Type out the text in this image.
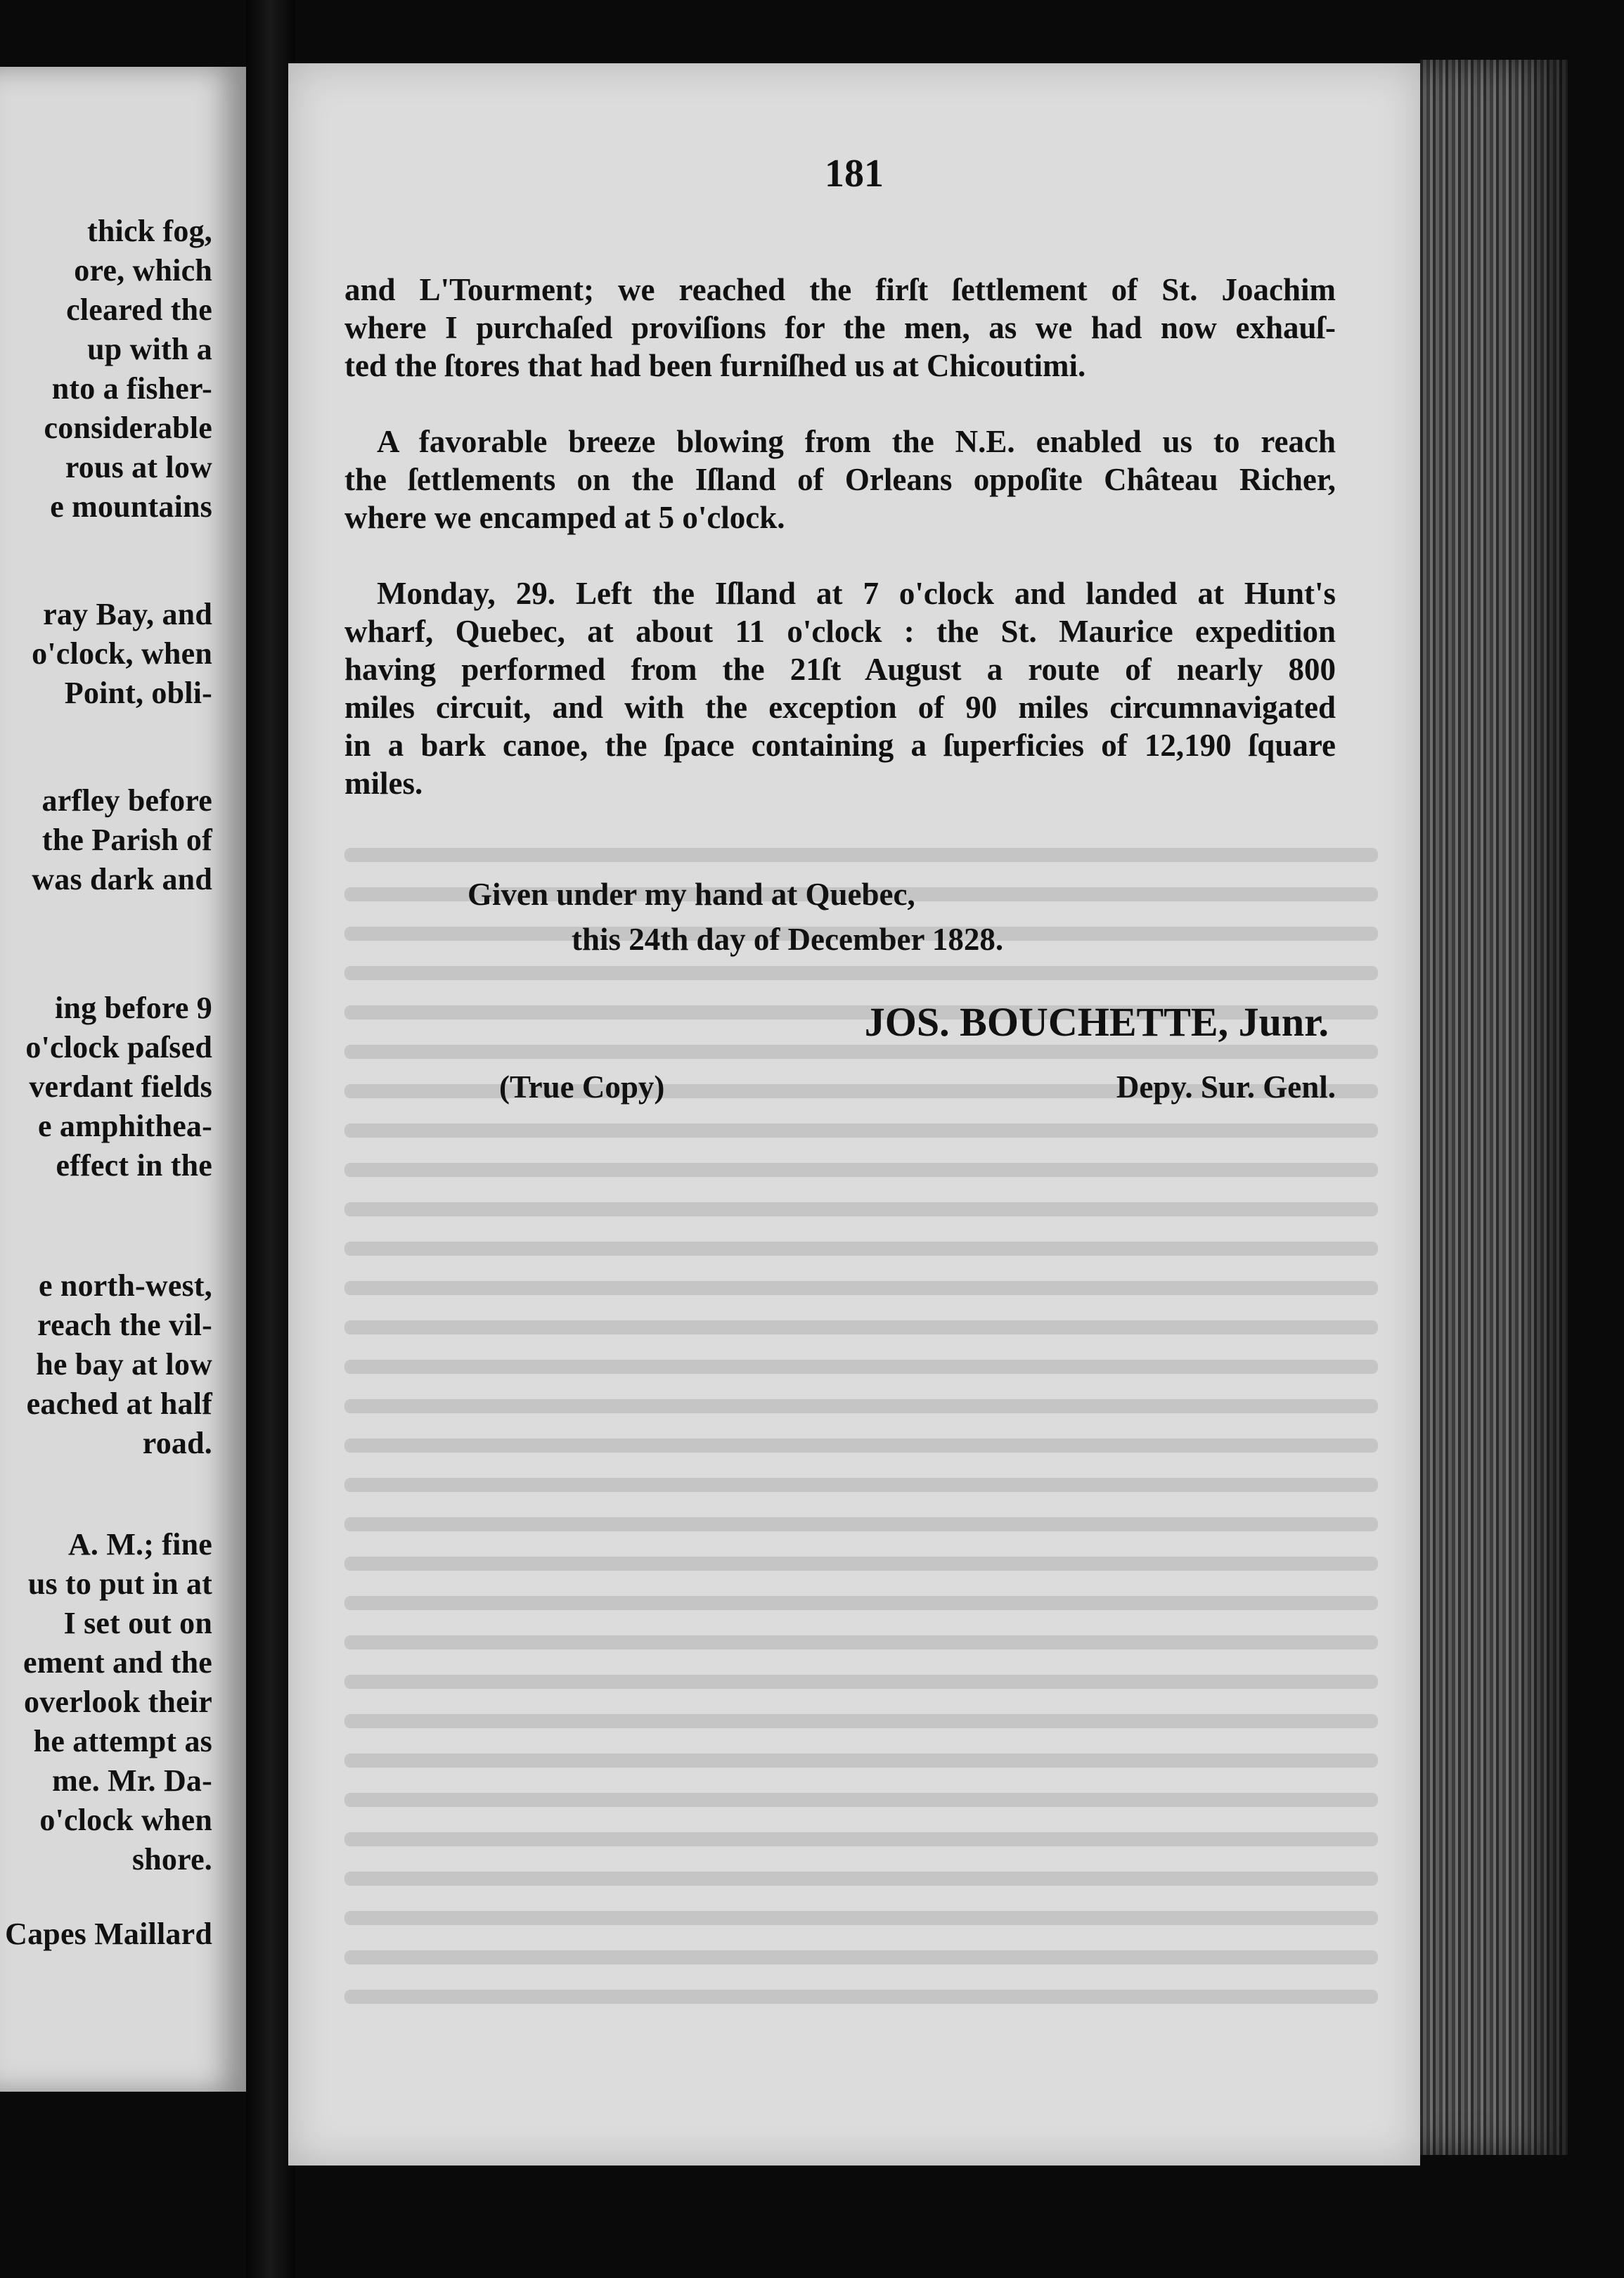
thick fog,
ore, which
cleared the
up with a
nto a fisher-
considerable
rous at low
e mountains
ray Bay, and
o'clock, when
Point, obli-
arfley before
the Parish of
was dark and
ing before 9
o'clock paſsed
verdant fields
e amphithea-
effect in the
e north-west,
reach the vil-
he bay at low
eached at half
road.
A. M.; fine
us to put in at
I set out on
ement and the
overlook their
he attempt as
me. Mr. Da-
o'clock when
shore.
Capes Maillard
181
and L'Tourment; we reached the firſt ſettlement of St. Joachim
where I purchaſed proviſions for the men, as we had now exhauſ-
ted the ſtores that had been furniſhed us at Chicoutimi.
A favorable breeze blowing from the N.E. enabled us to reach
the ſettlements on the Iſland of Orleans oppoſite Château Richer,
where we encamped at 5 o'clock.
Monday, 29. Left the Iſland at 7 o'clock and landed at Hunt's
wharf, Quebec, at about 11 o'clock : the St. Maurice expedition
having performed from the 21ſt August a route of nearly 800
miles circuit, and with the exception of 90 miles circumnavigated
in a bark canoe, the ſpace containing a ſuperficies of 12,190 ſquare
miles.
Given under my hand at Quebec,
this 24th day of December 1828.
JOS. BOUCHETTE, Junr.
(True Copy)	Depy. Sur. Genl.
